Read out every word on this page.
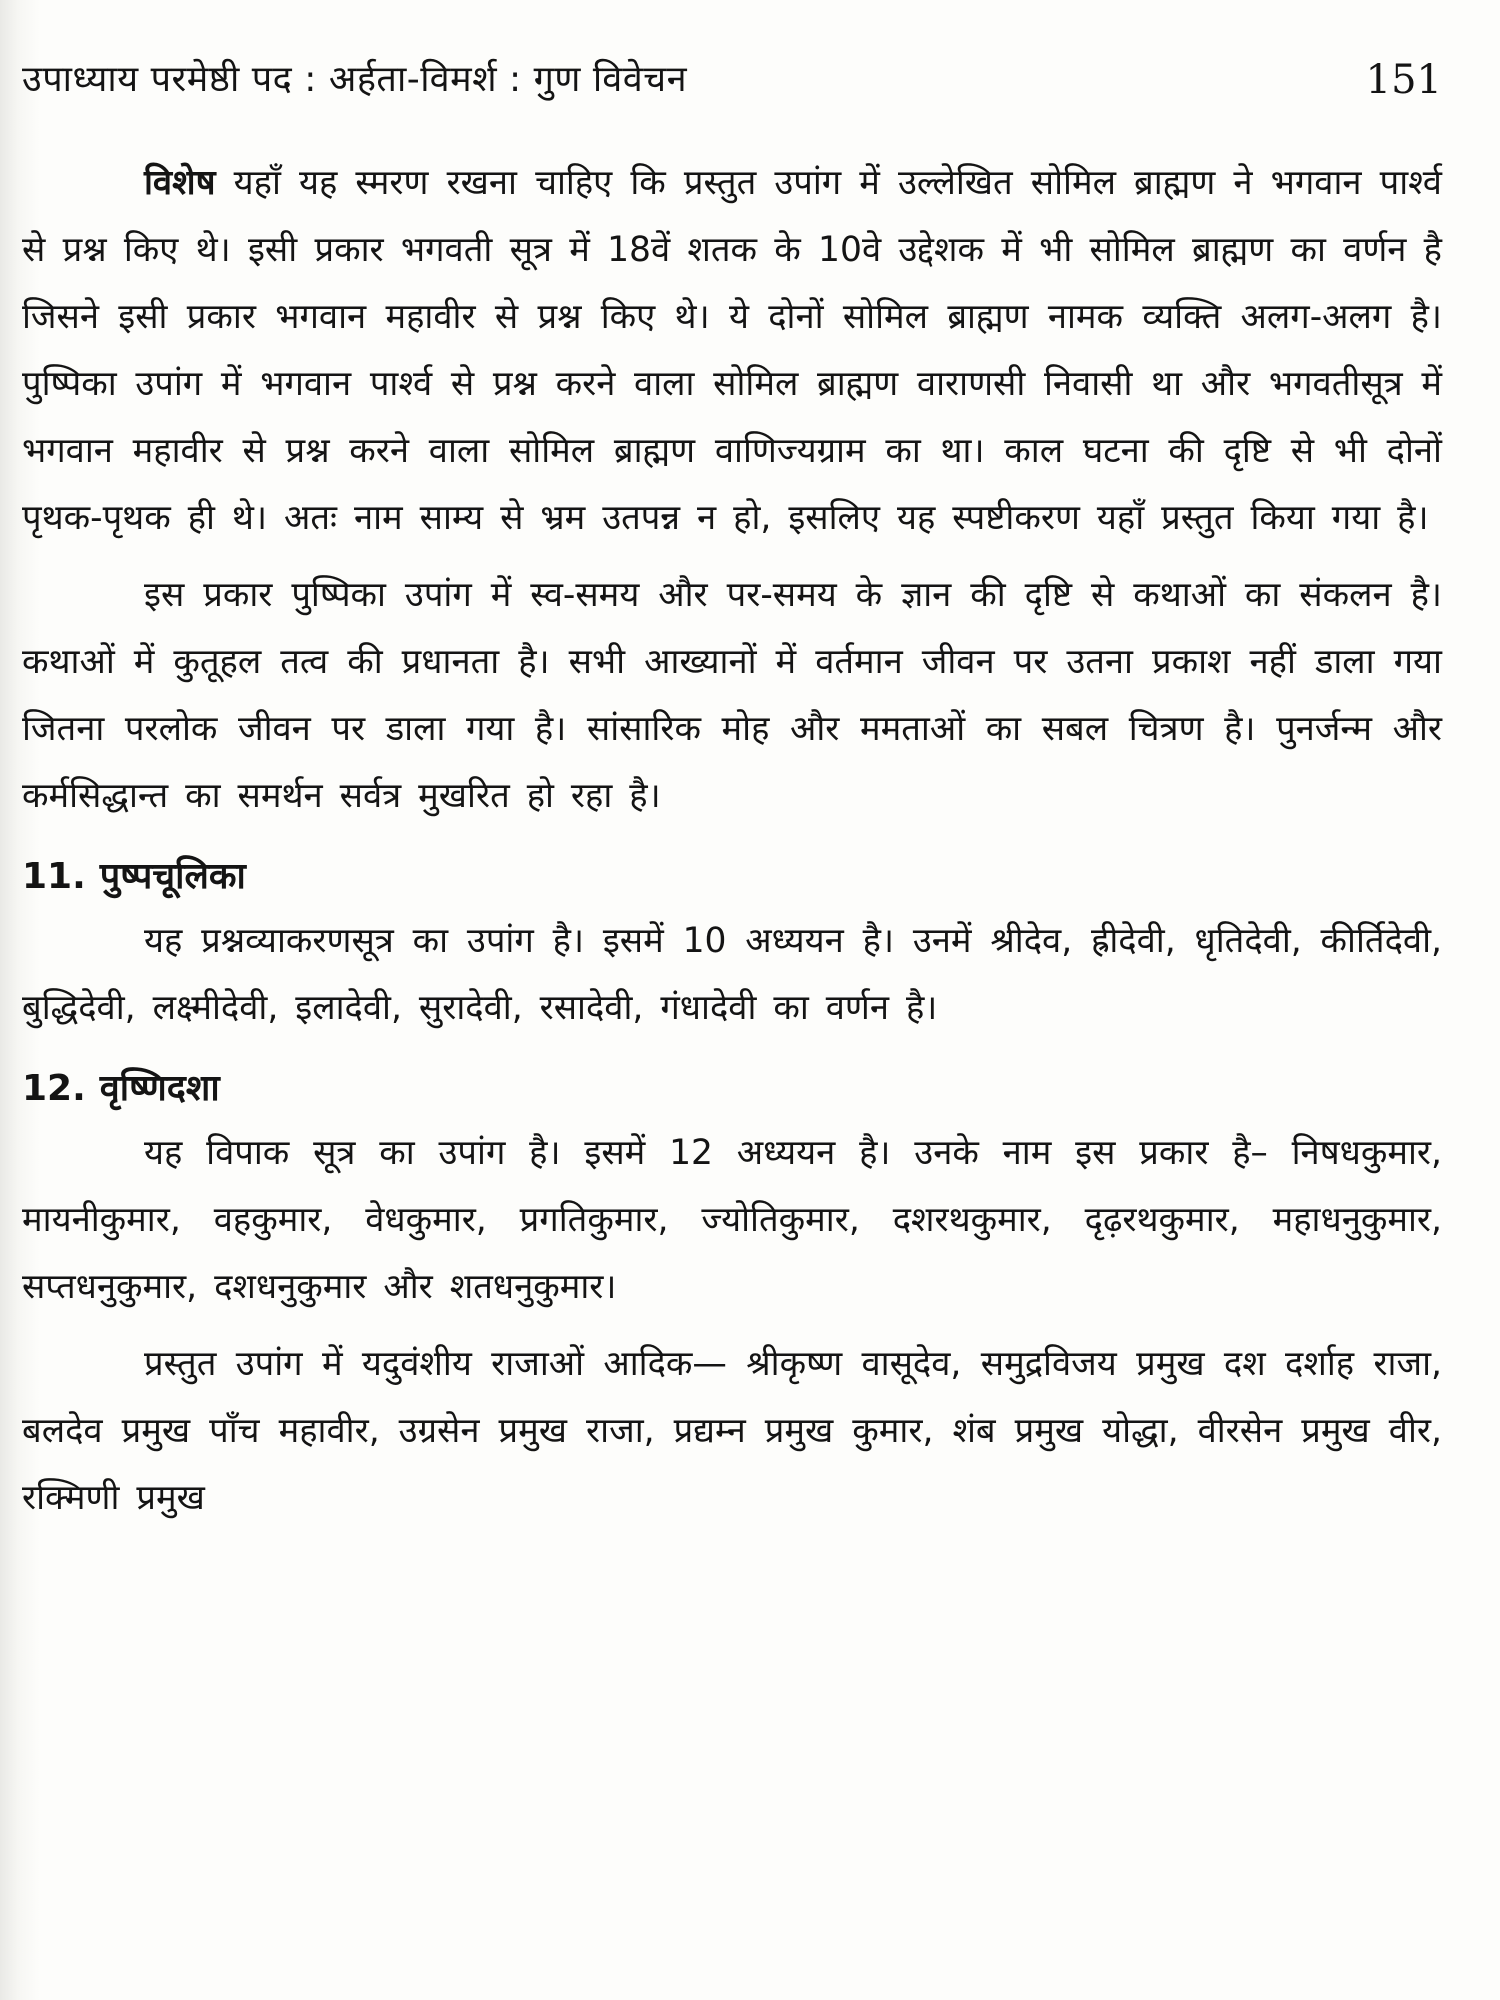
उपाध्याय परमेष्ठी पद : अर्हता-विमर्श : गुण विवेचन	151

विशेष यहाँ यह स्मरण रखना चाहिए कि प्रस्तुत उपांग में उल्लेखित सोमिल ब्राह्मण ने भगवान पार्श्व से प्रश्न किए थे। इसी प्रकार भगवती सूत्र में 18वें शतक के 10वे उद्देशक में भी सोमिल ब्राह्मण का वर्णन है जिसने इसी प्रकार भगवान महावीर से प्रश्न किए थे। ये दोनों सोमिल ब्राह्मण नामक व्यक्ति अलग-अलग है। पुष्पिका उपांग में भगवान पार्श्व से प्रश्न करने वाला सोमिल ब्राह्मण वाराणसी निवासी था और भगवतीसूत्र में भगवान महावीर से प्रश्न करने वाला सोमिल ब्राह्मण वाणिज्यग्राम का था। काल घटना की दृष्टि से भी दोनों पृथक-पृथक ही थे। अतः नाम साम्य से भ्रम उतपन्न न हो, इसलिए यह स्पष्टीकरण यहाँ प्रस्तुत किया गया है।

इस प्रकार पुष्पिका उपांग में स्व-समय और पर-समय के ज्ञान की दृष्टि से कथाओं का संकलन है। कथाओं में कुतूहल तत्व की प्रधानता है। सभी आख्यानों में वर्तमान जीवन पर उतना प्रकाश नहीं डाला गया जितना परलोक जीवन पर डाला गया है। सांसारिक मोह और ममताओं का सबल चित्रण है। पुनर्जन्म और कर्मसिद्धान्त का समर्थन सर्वत्र मुखरित हो रहा है।

11. पुष्पचूलिका

यह प्रश्नव्याकरणसूत्र का उपांग है। इसमें 10 अध्ययन है। उनमें श्रीदेव, ह्रीदेवी, धृतिदेवी, कीर्तिदेवी, बुद्धिदेवी, लक्ष्मीदेवी, इलादेवी, सुरादेवी, रसादेवी, गंधादेवी का वर्णन है।

12. वृष्णिदशा

यह विपाक सूत्र का उपांग है। इसमें 12 अध्ययन है। उनके नाम इस प्रकार है– निषधकुमार, मायनीकुमार, वहकुमार, वेधकुमार, प्रगतिकुमार, ज्योतिकुमार, दशरथकुमार, दृढ़रथकुमार, महाधनुकुमार, सप्तधनुकुमार, दशधनुकुमार और शतधनुकुमार।

प्रस्तुत उपांग में यदुवंशीय राजाओं आदिक— श्रीकृष्ण वासूदेव, समुद्रविजय प्रमुख दश दर्शाह राजा, बलदेव प्रमुख पाँच महावीर, उग्रसेन प्रमुख राजा, प्रद्यम्न प्रमुख कुमार, शंब प्रमुख योद्धा, वीरसेन प्रमुख वीर, रक्मिणी प्रमुख
